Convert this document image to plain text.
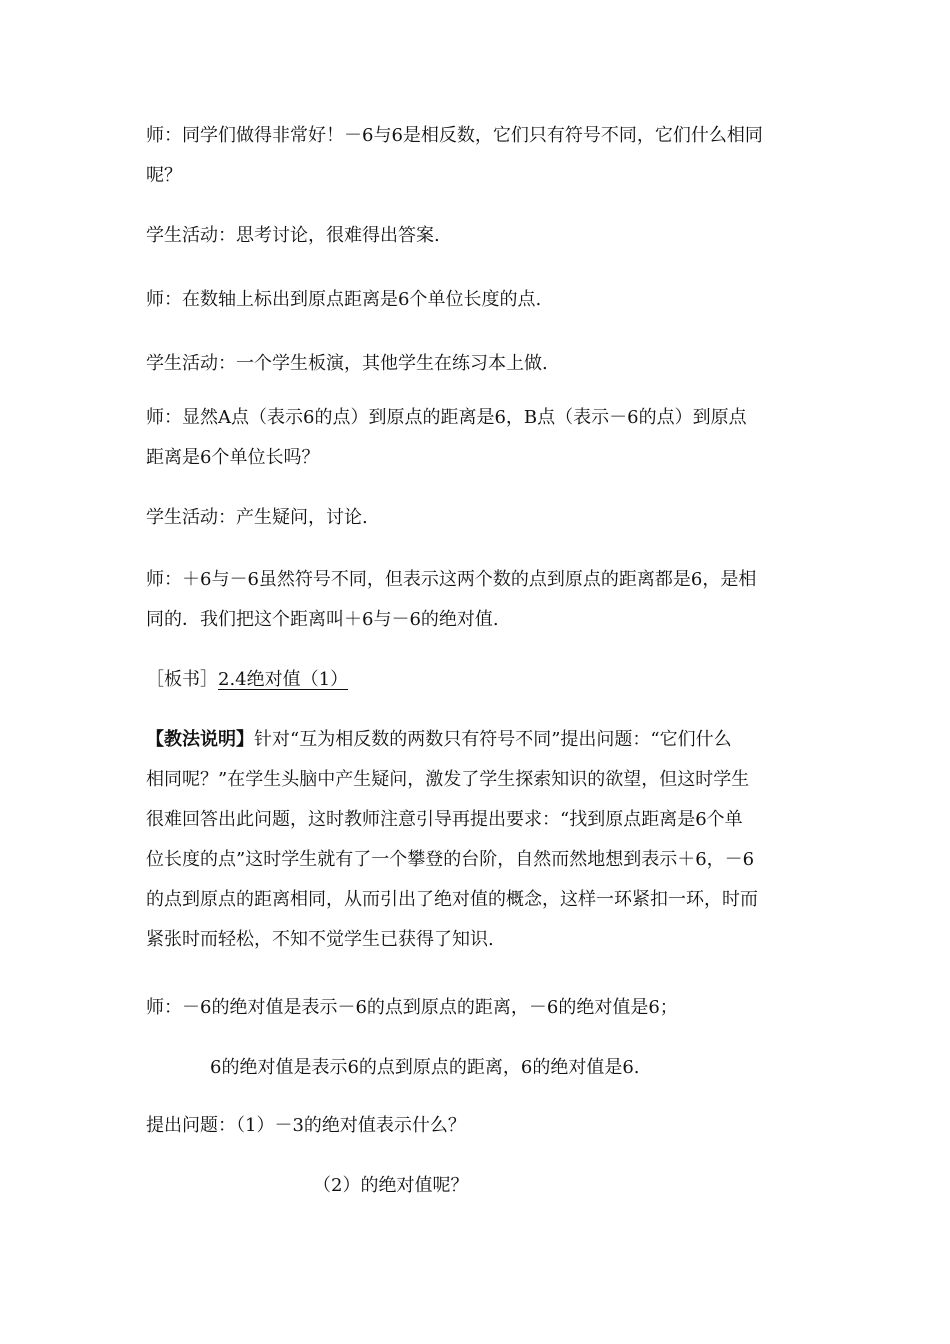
师：同学们做得非常好！－6与6是相反数，它们只有符号不同，它们什么相同
呢？

学生活动：思考讨论，很难得出答案.

师：在数轴上标出到原点距离是6个单位长度的点.

学生活动：一个学生板演，其他学生在练习本上做.

师：显然A点（表示6的点）到原点的距离是6，B点（表示－6的点）到原点
距离是6个单位长吗？

学生活动：产生疑问，讨论.

师：＋6与－6虽然符号不同，但表示这两个数的点到原点的距离都是6，是相
同的．我们把这个距离叫＋6与－6的绝对值.

［板书］2.4绝对值（1）

【教法说明】针对“互为相反数的两数只有符号不同”提出问题：“它们什么
相同呢？”在学生头脑中产生疑问，激发了学生探索知识的欲望，但这时学生
很难回答出此问题，这时教师注意引导再提出要求：“找到原点距离是6个单
位长度的点”这时学生就有了一个攀登的台阶，自然而然地想到表示＋6，－6
的点到原点的距离相同，从而引出了绝对值的概念，这样一环紧扣一环，时而
紧张时而轻松，不知不觉学生已获得了知识.

师：－6的绝对值是表示－6的点到原点的距离，－6的绝对值是6；

6的绝对值是表示6的点到原点的距离，6的绝对值是6.

提出问题：（1）－3的绝对值表示什么？

（2）的绝对值呢？
